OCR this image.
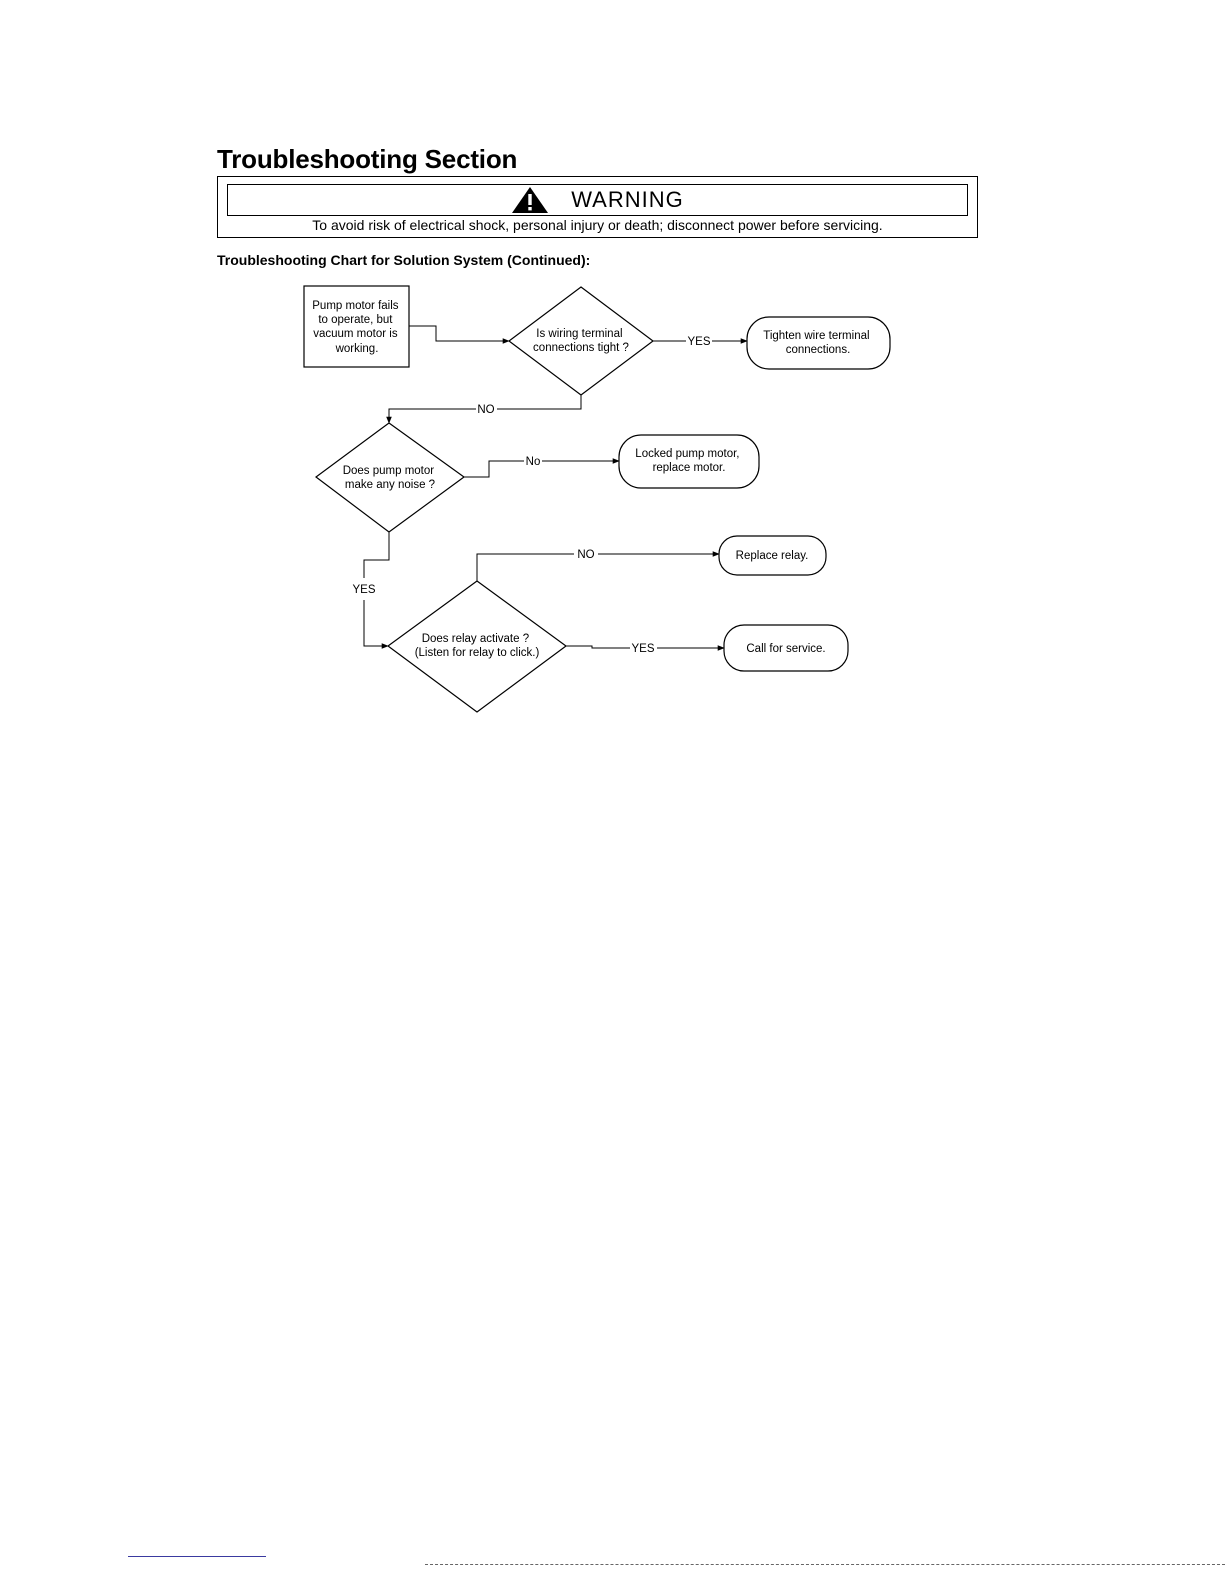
Troubleshooting Section
WARNING
To avoid risk of electrical shock, personal injury or death; disconnect power before servicing.
Troubleshooting Chart for Solution System (Continued):
Pump motor fails to operate, but vacuum motor is working.
Is wiring terminal connections tight ?
Tighten wire terminal connections.
Does pump motor make any noise ?
Locked pump motor, replace motor.
Does relay activate ? (Listen for relay to click.)
Replace relay.
Call for service.
YES
NO
No
YES
NO
YES
